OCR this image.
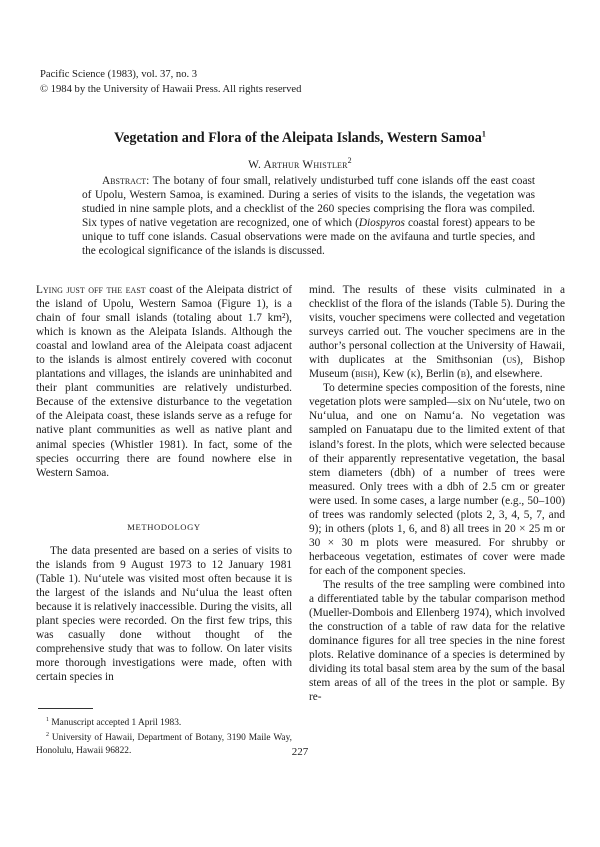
Pacific Science (1983), vol. 37, no. 3
© 1984 by the University of Hawaii Press. All rights reserved
Vegetation and Flora of the Aleipata Islands, Western Samoa$^1$
W. Arthur Whistler$^2$
Abstract: The botany of four small, relatively undisturbed tuff cone islands off the east coast of Upolu, Western Samoa, is examined. During a series of visits to the islands, the vegetation was studied in nine sample plots, and a checklist of the 260 species comprising the flora was compiled. Six types of native vegetation are recognized, one of which (Diospyros coastal forest) appears to be unique to tuff cone islands. Casual observations were made on the avifauna and turtle species, and the ecological significance of the islands is discussed.

Lying just off the east coast of the Aleipata district of the island of Upolu, Western Samoa (Figure 1), is a chain of four small islands (totaling about 1.7 km²), which is known as the Aleipata Islands. Although the coastal and lowland area of the Aleipata coast adjacent to the islands is almost entirely covered with coconut plantations and villages, the islands are uninhabited and their plant communities are relatively undisturbed. Because of the extensive disturbance to the vegetation of the Aleipata coast, these islands serve as a refuge for native plant communities as well as native plant and animal species (Whistler 1981). In fact, some of the species occurring there are found nowhere else in Western Samoa.

METHODOLOGY

The data presented are based on a series of visits to the islands from 9 August 1973 to 12 January 1981 (Table 1). Nu‘utele was visited most often because it is the largest of the islands and Nu‘ulua the least often because it is relatively inaccessible. During the visits, all plant species were recorded. On the first few trips, this was casually done without thought of the comprehensive study that was to follow. On later visits more thorough investigations were made, often with certain species in

mind. The results of these visits culminated in a checklist of the flora of the islands (Table 5). During the visits, voucher specimens were collected and vegetation surveys carried out. The voucher specimens are in the author’s personal collection at the University of Hawaii, with duplicates at the Smithsonian (us), Bishop Museum (bish), Kew (k), Berlin (b), and elsewhere.

To determine species composition of the forests, nine vegetation plots were sampled—six on Nu‘utele, two on Nu‘ulua, and one on Namu‘a. No vegetation was sampled on Fanuatapu due to the limited extent of that island’s forest. In the plots, which were selected because of their apparently representative vegetation, the basal stem diameters (dbh) of a number of trees were measured. Only trees with a dbh of 2.5 cm or greater were used. In some cases, a large number (e.g., 50–100) of trees was randomly selected (plots 2, 3, 4, 5, 7, and 9); in others (plots 1, 6, and 8) all trees in 20 × 25 m or 30 × 30 m plots were measured. For shrubby or herbaceous vegetation, estimates of cover were made for each of the component species.

The results of the tree sampling were combined into a differentiated table by the tabular comparison method (Mueller-Dombois and Ellenberg 1974), which involved the construction of a table of raw data for the relative dominance figures for all tree species in the nine forest plots. Relative dominance of a species is determined by dividing its total basal stem area by the sum of the basal stem areas of all of the trees in the plot or sample. By re-

$^1$ Manuscript accepted 1 April 1983.

$^2$ University of Hawaii, Department of Botany, 3190 Maile Way, Honolulu, Hawaii 96822.	227
